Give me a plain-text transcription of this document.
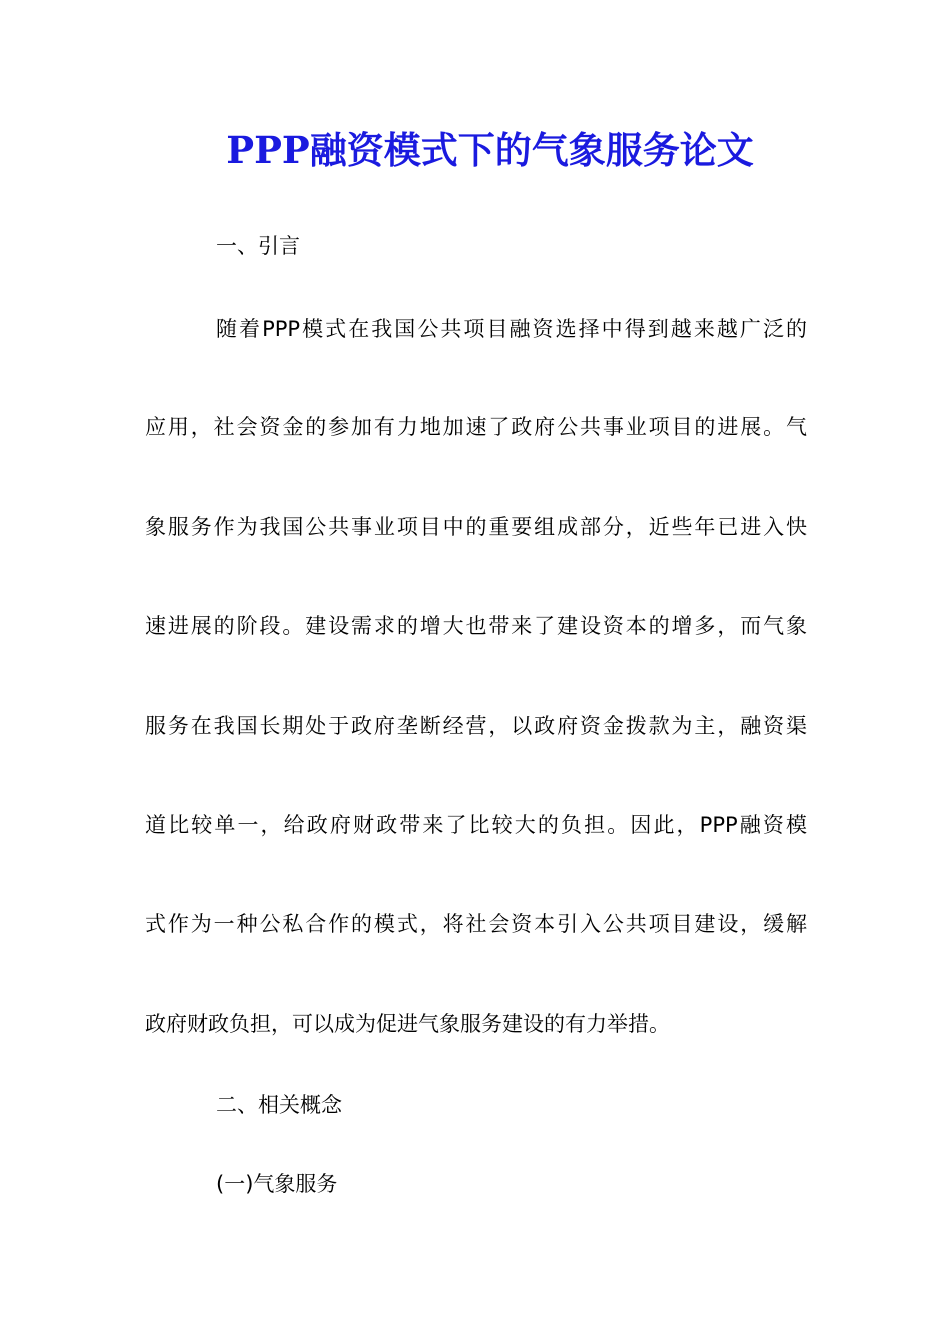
PPP融资模式下的气象服务论文
一、引言
随着PPP模式在我国公共项目融资选择中得到越来越广泛的
应用，社会资金的参加有力地加速了政府公共事业项目的进展。气
象服务作为我国公共事业项目中的重要组成部分，近些年已进入快
速进展的阶段。建设需求的增大也带来了建设资本的增多，而气象
服务在我国长期处于政府垄断经营，以政府资金拨款为主，融资渠
道比较单一，给政府财政带来了比较大的负担。因此，PPP融资模
式作为一种公私合作的模式，将社会资本引入公共项目建设，缓解
政府财政负担，可以成为促进气象服务建设的有力举措。
二、相关概念
(一)气象服务
